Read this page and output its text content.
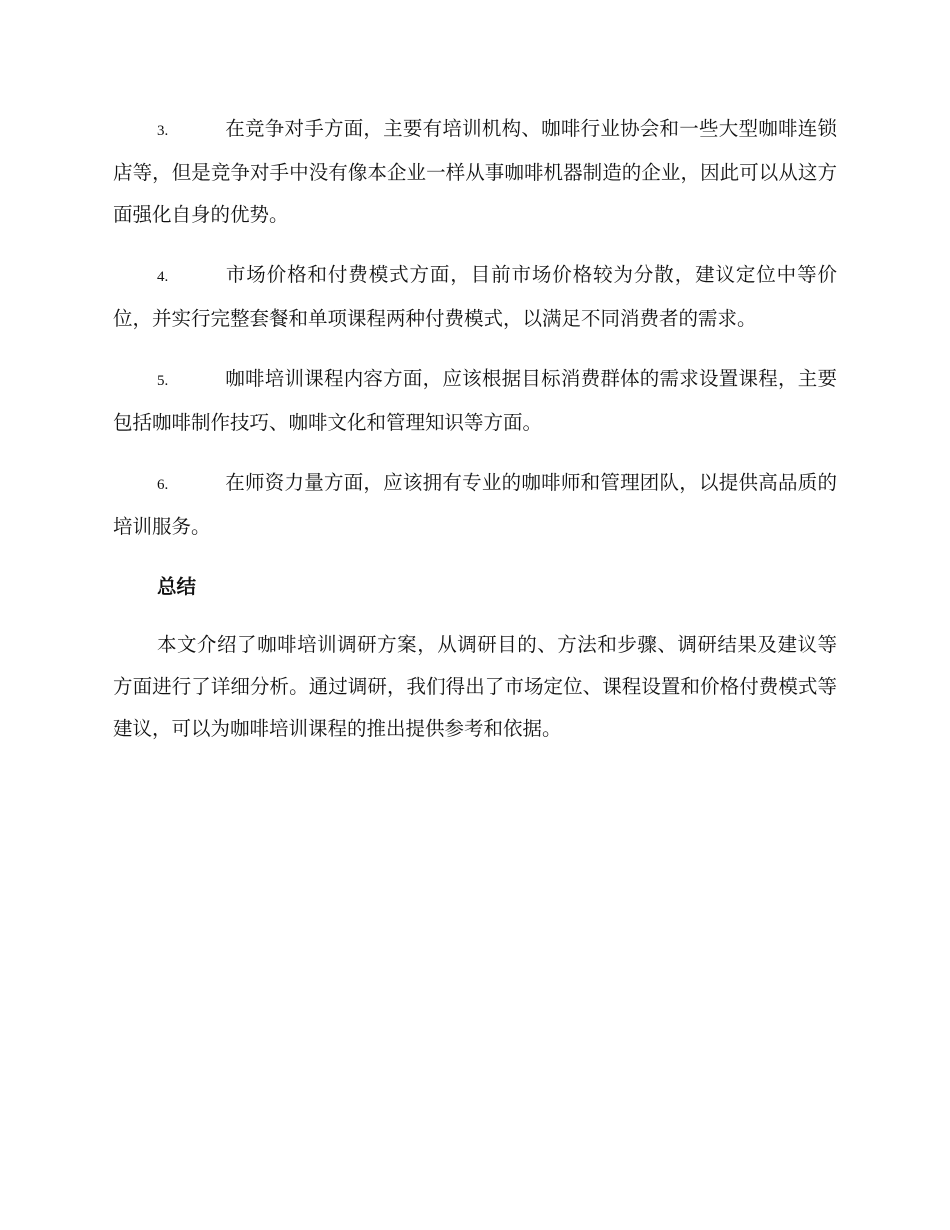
3.	在竞争对手方面，主要有培训机构、咖啡行业协会和一些大型咖啡连锁店等，但是竞争对手中没有像本企业一样从事咖啡机器制造的企业，因此可以从这方面强化自身的优势。

4.	市场价格和付费模式方面，目前市场价格较为分散，建议定位中等价位，并实行完整套餐和单项课程两种付费模式，以满足不同消费者的需求。

5.	咖啡培训课程内容方面，应该根据目标消费群体的需求设置课程，主要包括咖啡制作技巧、咖啡文化和管理知识等方面。

6.	在师资力量方面，应该拥有专业的咖啡师和管理团队，以提供高品质的培训服务。

总结

本文介绍了咖啡培训调研方案，从调研目的、方法和步骤、调研结果及建议等方面进行了详细分析。通过调研，我们得出了市场定位、课程设置和价格付费模式等建议，可以为咖啡培训课程的推出提供参考和依据。
